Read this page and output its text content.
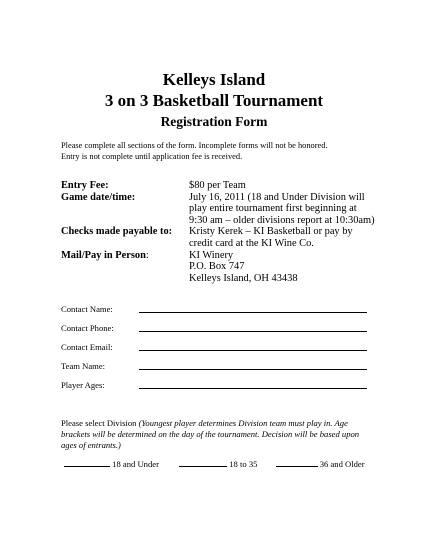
Kelleys Island
3 on 3 Basketball Tournament
Registration Form
Please complete all sections of the form. Incomplete forms will not be honored.
Entry is not complete until application fee is received.
Entry Fee:	$80 per Team
Game date/time:	July 16, 2011 (18 and Under Division will
play entire tournament first beginning at
9:30 am – older divisions report at 10:30am)
Checks made payable to: Kristy Kerek – KI Basketball or pay by
credit card at the KI Wine Co.
Mail/Pay in Person:	KI Winery
P.O. Box 747
Kelleys Island, OH 43438
Contact Name:
Contact Phone:
Contact Email:
Team Name:
Player Ages:
Please select Division (Youngest player determines Division team must play in. Age
brackets will be determined on the day of the tournament. Decision will be based upon
ages of entrants.)
18 and Under	18 to 35	36 and Older
